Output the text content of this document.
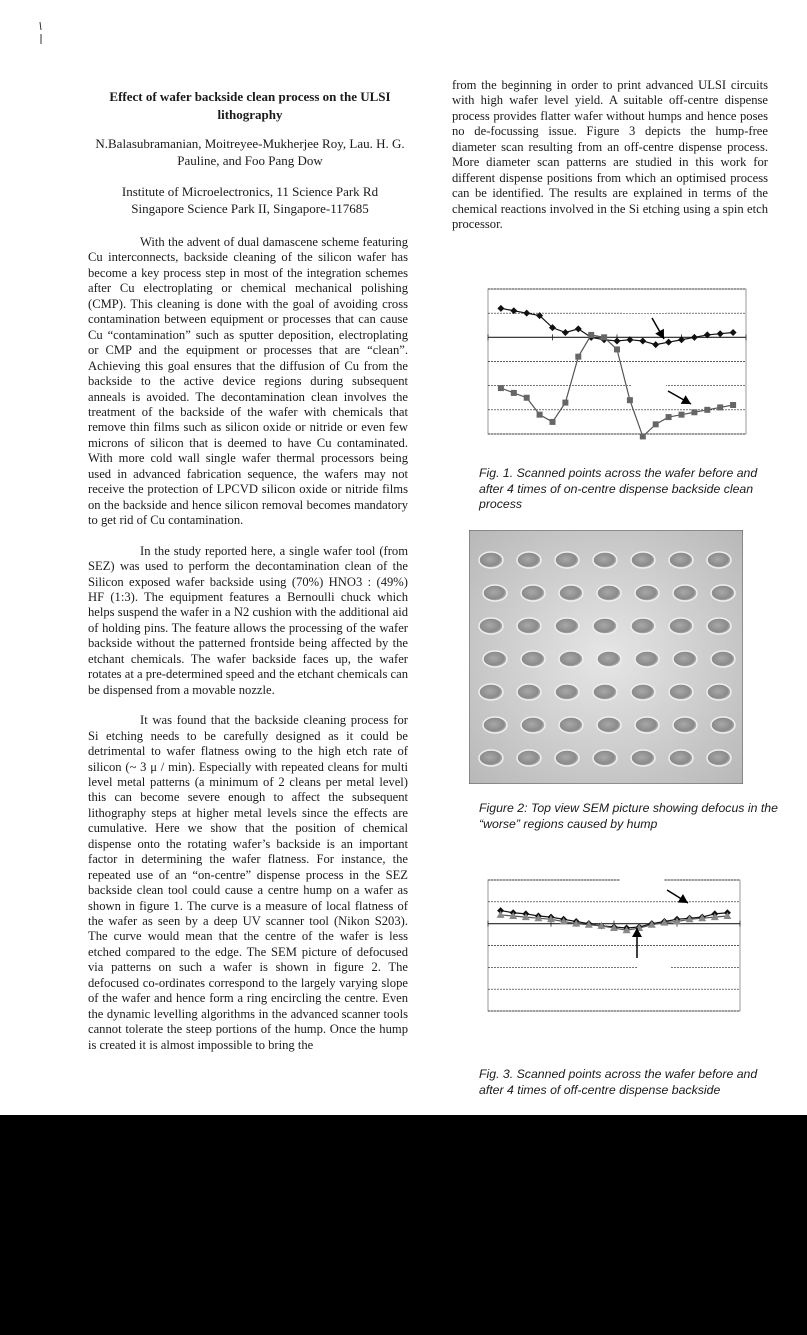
Effect of wafer backside clean process on the ULSI lithography
N.Balasubramanian, Moitreyee-Mukherjee Roy, Lau. H. G. Pauline, and Foo Pang Dow
Institute of Microelectronics, 11 Science Park Rd
Singapore Science Park II, Singapore-117685

With the advent of dual damascene scheme featuring Cu interconnects, backside cleaning of the silicon wafer has become a key process step in most of the integration schemes after Cu electroplating or chemical mechanical polishing (CMP). This cleaning is done with the goal of avoiding cross contamination between equipment or processes that can cause Cu “contamination” such as sputter deposition, electroplating or CMP and the equipment or processes that are “clean”. Achieving this goal ensures that the diffusion of Cu from the backside to the active device regions during subsequent anneals is avoided. The decontamination clean involves the treatment of the backside of the wafer with chemicals that remove thin films such as silicon oxide or nitride or even few microns of silicon that is deemed to have Cu contaminated. With more cold wall single wafer thermal processors being used in advanced fabrication sequence, the wafers may not receive the protection of LPCVD silicon oxide or nitride films on the backside and hence silicon removal becomes mandatory to get rid of Cu contamination.

In the study reported here, a single wafer tool (from SEZ) was used to perform the decontamination clean of the Silicon exposed wafer backside using (70%) HNO3 : (49%) HF (1:3). The equipment features a Bernoulli chuck which helps suspend the wafer in a N2 cushion with the additional aid of holding pins. The feature allows the processing of the wafer backside without the patterned frontside being affected by the etchant chemicals. The wafer backside faces up, the wafer rotates at a pre-determined speed and the etchant chemicals can be dispensed from a movable nozzle.

It was found that the backside cleaning process for Si etching needs to be carefully designed as it could be detrimental to wafer flatness owing to the high etch rate of silicon (~ 3 μ / min). Especially with repeated cleans for multi level metal patterns (a minimum of 2 cleans per metal level) this can become severe enough to affect the subsequent lithography steps at higher metal levels since the effects are cumulative. Here we show that the position of chemical dispense onto the rotating wafer’s backside is an important factor in determining the wafer flatness. For instance, the repeated use of an “on-centre” dispense process in the SEZ backside clean tool could cause a centre hump on a wafer as shown in figure 1. The curve is a measure of local flatness of the wafer as seen by a deep UV scanner tool (Nikon S203). The curve would mean that the centre of the wafer is less etched compared to the edge. The SEM picture of defocused via patterns on such a wafer is shown in figure 2. The defocused co-ordinates correspond to the largely varying slope of the wafer and hence form a ring encircling the centre. Even the dynamic levelling algorithms in the advanced scanner tools cannot tolerate the steep portions of the hump. Once the hump is created it is almost impossible to bring the

from the beginning in order to print advanced ULSI circuits with high wafer level yield. A suitable off-centre dispense process provides flatter wafer without humps and hence poses no de-focussing issue. Figure 3 depicts the hump-free diameter scan resulting from an off-centre dispense process. More diameter scan patterns are studied in this work for different dispense positions from which an optimised process can be identified. The results are explained in terms of the chemical reactions involved in the Si etching using a spin etch processor.

Fig. 1. Scanned points across the wafer before and after 4 times of on-centre dispense backside clean process
Figure 2: Top view SEM picture showing defocus in the “worse” regions caused by hump
Fig. 3. Scanned points across the wafer before and after 4 times of off-centre dispense backside
